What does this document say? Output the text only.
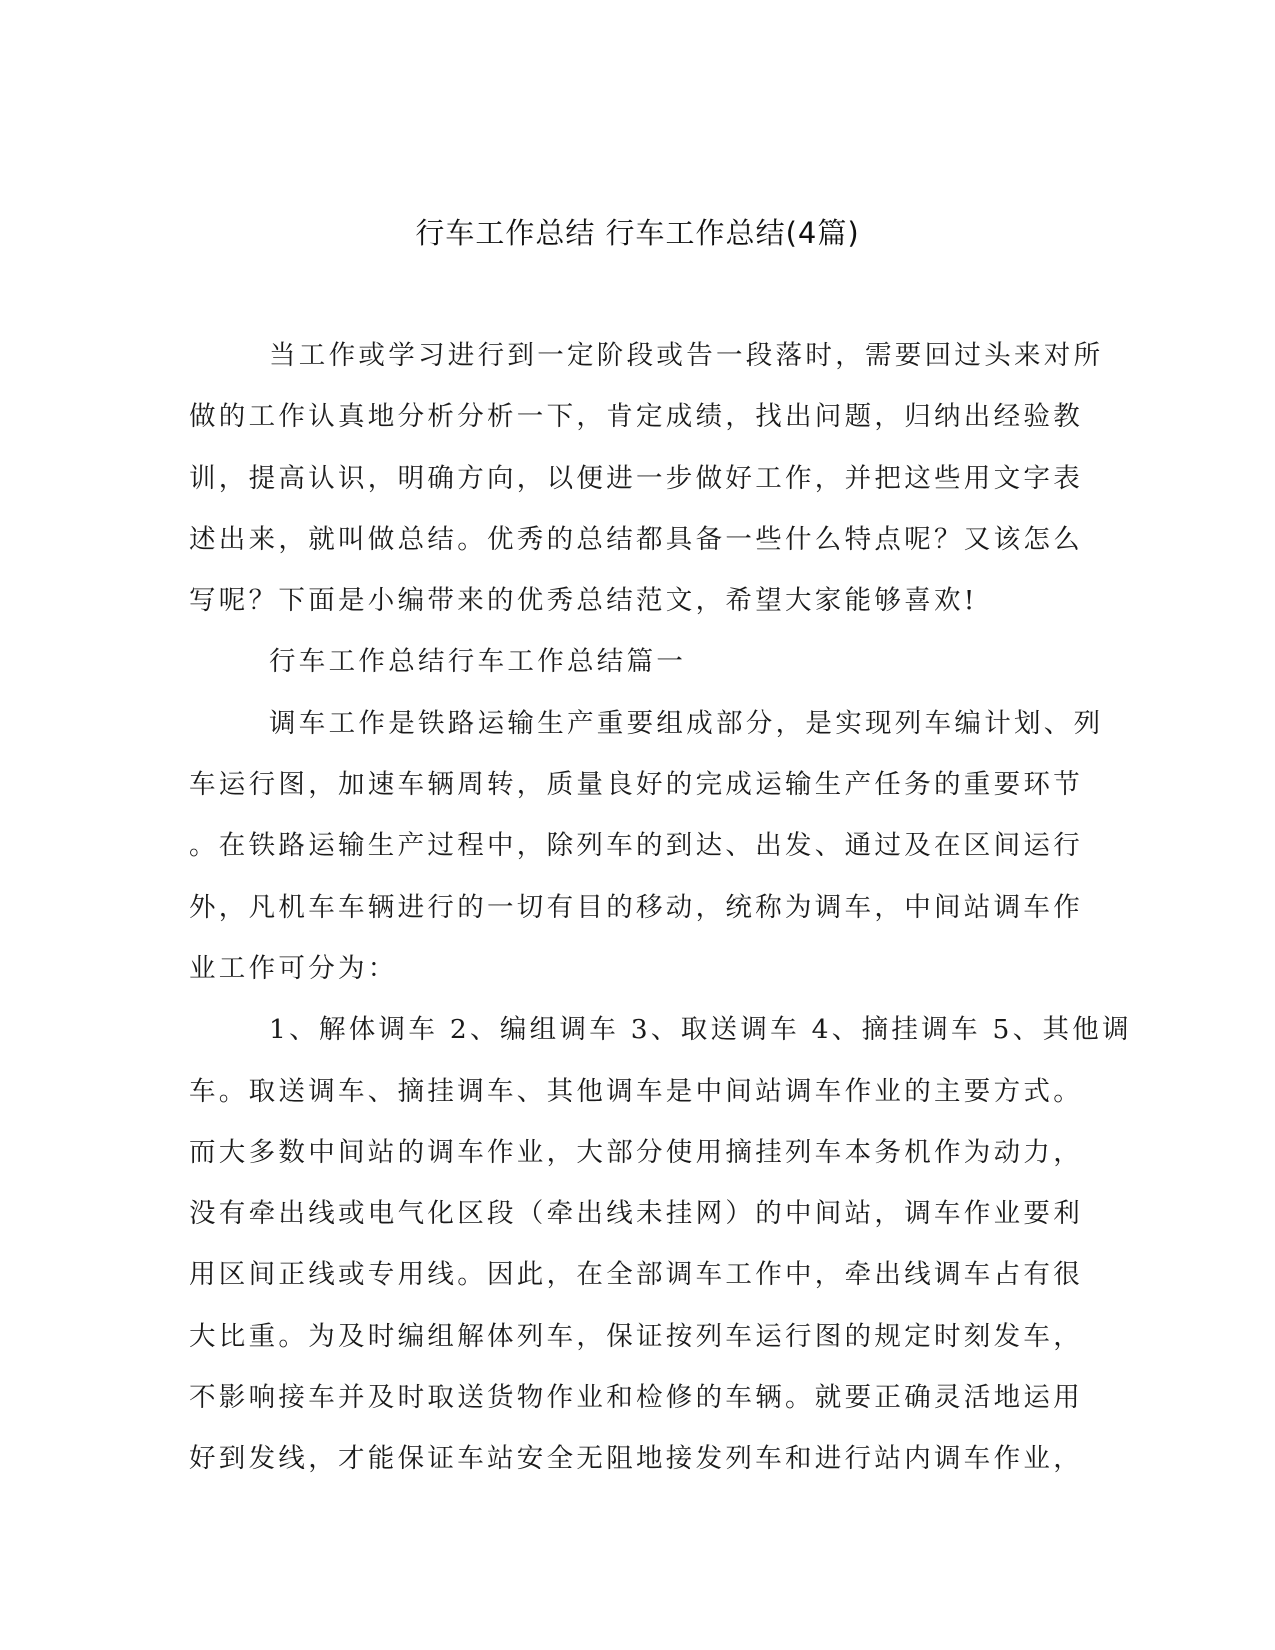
行车工作总结 行车工作总结(4篇)

当工作或学习进行到一定阶段或告一段落时，需要回过头来对所
做的工作认真地分析分析一下，肯定成绩，找出问题，归纳出经验教
训，提高认识，明确方向，以便进一步做好工作，并把这些用文字表
述出来，就叫做总结。优秀的总结都具备一些什么特点呢？又该怎么
写呢？下面是小编带来的优秀总结范文，希望大家能够喜欢!

行车工作总结行车工作总结篇一

调车工作是铁路运输生产重要组成部分，是实现列车编计划、列
车运行图，加速车辆周转，质量良好的完成运输生产任务的重要环节
。在铁路运输生产过程中，除列车的到达、出发、通过及在区间运行
外，凡机车车辆进行的一切有目的移动，统称为调车，中间站调车作
业工作可分为：

1、解体调车 2、编组调车 3、取送调车 4、摘挂调车 5、其他调
车。取送调车、摘挂调车、其他调车是中间站调车作业的主要方式。
而大多数中间站的调车作业，大部分使用摘挂列车本务机作为动力，
没有牵出线或电气化区段（牵出线未挂网）的中间站，调车作业要利
用区间正线或专用线。因此，在全部调车工作中，牵出线调车占有很
大比重。为及时编组解体列车，保证按列车运行图的规定时刻发车，
不影响接车并及时取送货物作业和检修的车辆。就要正确灵活地运用
好到发线，才能保证车站安全无阻地接发列车和进行站内调车作业，
